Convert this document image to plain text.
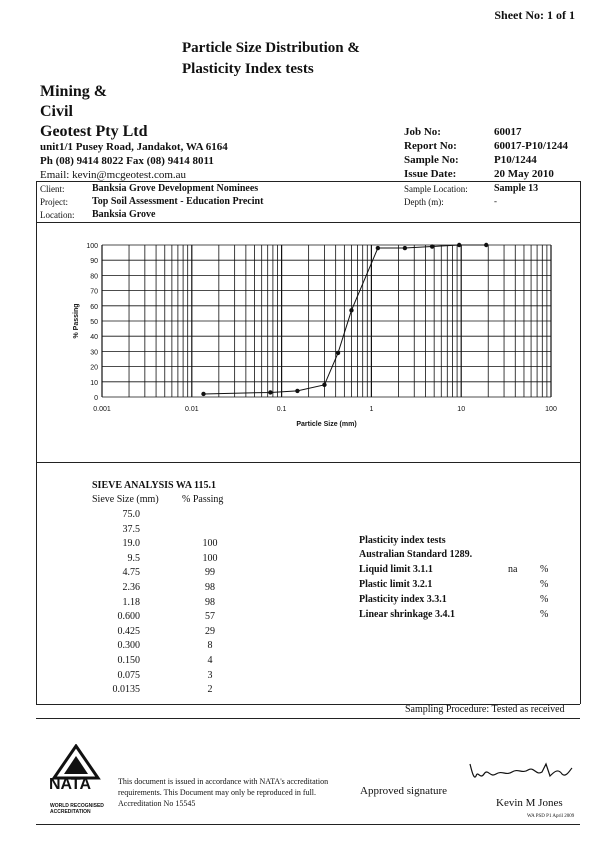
Sheet No: 1 of 1
Particle Size Distribution &
Plasticity Index tests
Mining &
Civil
Geotest Pty Ltd
unit1/1 Pusey Road, Jandakot, WA 6164
Ph (08) 9414 8022 Fax (08) 9414 8011
Email: kevin@mcgeotest.com.au
Job No:	60017
Report No:	60017-P10/1244
Sample No:	P10/1244
Issue Date:	20 May 2010
Client:	Banksia Grove Development Nominees
Project: Top Soil Assessment - Education Precint
Location: Banksia Grove
Sample Location:	Sample 13
Depth (m):	-
0
10
20
30
40
50
60
70
80
90
100
0.001	0.01	0.1	1	10	100
Particle Size (mm)
% Passing
SIEVE ANALYSIS WA 115.1
Sieve Size (mm) % Passing
75.0
37.5
19.0	100
9.5	100
4.75	99
2.36	98
1.18	98
0.600	57
0.425	29
0.300	8
0.150	4
0.075	3
0.0135	2
Plasticity index tests
Australian Standard 1289.
Liquid limit 3.1.1	na %
Plastic limit 3.2.1	%
Plasticity index 3.3.1	%
Linear shrinkage 3.4.1	%
Sampling Procedure: Tested as received
NATA
WORLD RECOGNISED
ACCREDITATION
This document is issued in accordance with NATA's accreditation
requirements. This Document may only be reproduced in full.
Accreditation No 15545
Approved signature
Kevin M Jones
WA PSD P1 April 2009
